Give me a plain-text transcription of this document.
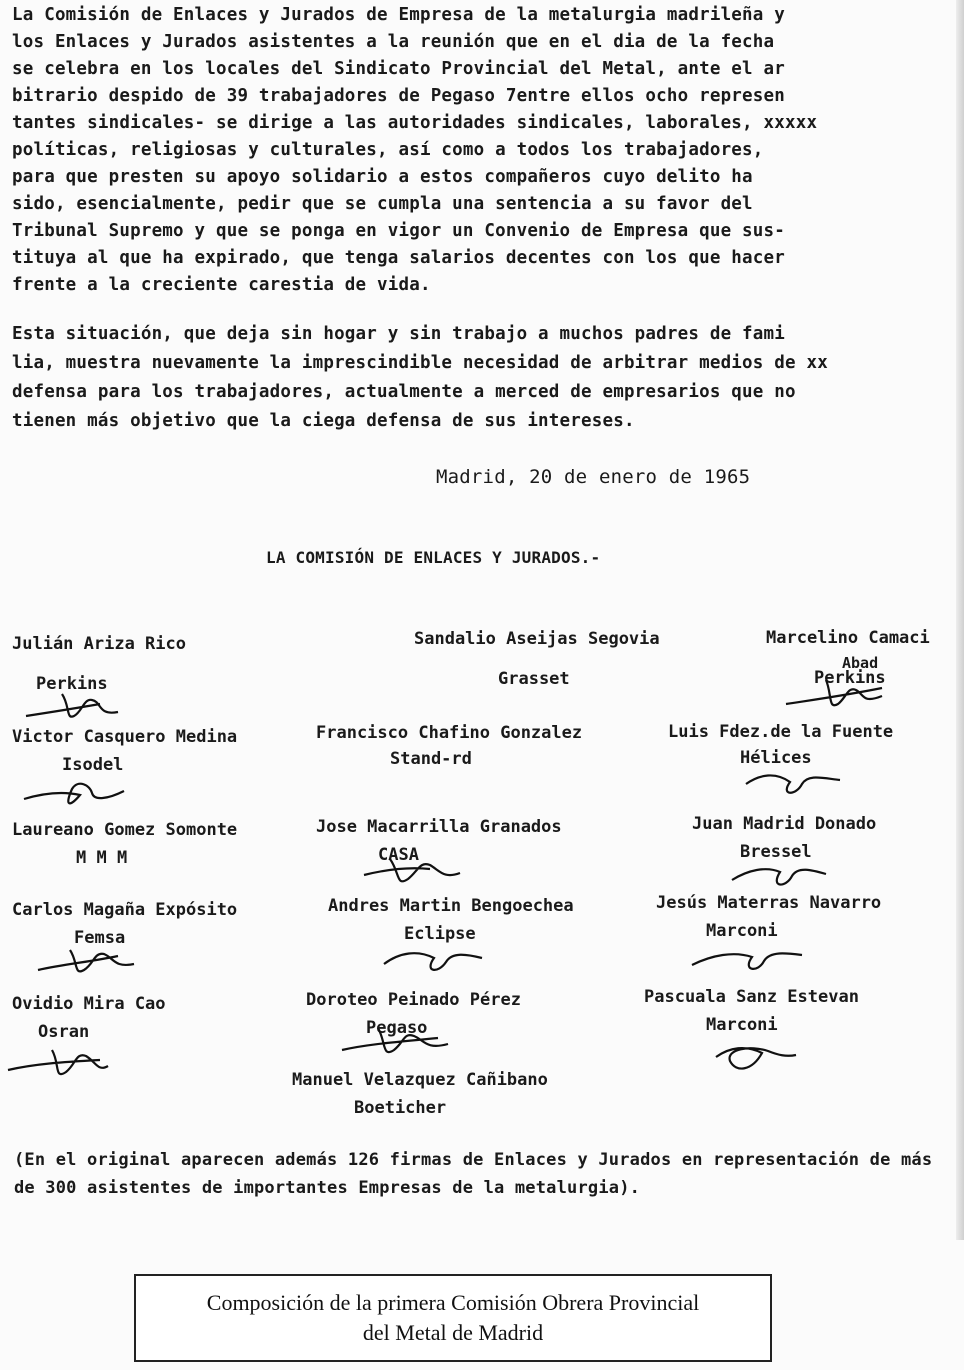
La Comisión de Enlaces y Jurados de Empresa de la metalurgia madrileña y
los Enlaces y Jurados asistentes a la reunión que en el dia de la fecha
se celebra en los locales del Sindicato Provincial del Metal, ante el ar
bitrario despido de 39 trabajadores de Pegaso 7entre ellos ocho represen
tantes sindicales- se dirige a las autoridades sindicales, laborales, xxxxx
políticas, religiosas y culturales, así como a todos los trabajadores,
para que presten su apoyo solidario a estos compañeros cuyo delito ha
sido, esencialmente, pedir que se cumpla una sentencia a su favor del
Tribunal Supremo y que se ponga en vigor un Convenio de Empresa que sus-
tituya al que ha expirado, que tenga salarios decentes con los que hacer
frente a la creciente carestia de vida.

Esta situación, que deja sin hogar y sin trabajo a muchos padres de fami
lia, muestra nuevamente la imprescindible necesidad de arbitrar medios de xx
defensa para los trabajadores, actualmente a merced de empresarios que no
tienen más objetivo que la ciega defensa de sus intereses.

Madrid, 20 de enero de 1965
LA COMISIÓN DE ENLACES Y JURADOS.-
Julián Ariza Rico
Perkins
Sandalio Aseijas Segovia
Grasset
Marcelino Camaci
Abad
Perkins
Victor Casquero Medina
Isodel
Francisco Chafino Gonzalez
Stand-rd
Luis Fdez.de la Fuente
Hélices
Laureano Gomez Somonte
M M M
Jose Macarrilla Granados
CASA
Juan Madrid Donado
Bressel
Carlos Magaña Expósito
Femsa
Andres Martin Bengoechea
Eclipse
Jesús Materras Navarro
Marconi
Ovidio Mira Cao
Osran
Doroteo Peinado Pérez
Pegaso
Pascuala Sanz Estevan
Marconi
Manuel Velazquez Cañibano
Boeticher

(En el original aparecen además 126 firmas de Enlaces y Jurados en representación de más de 300 asistentes de importantes Empresas de la metalurgia).

Composición de la primera Comisión Obrera Provincial
del Metal de Madrid
